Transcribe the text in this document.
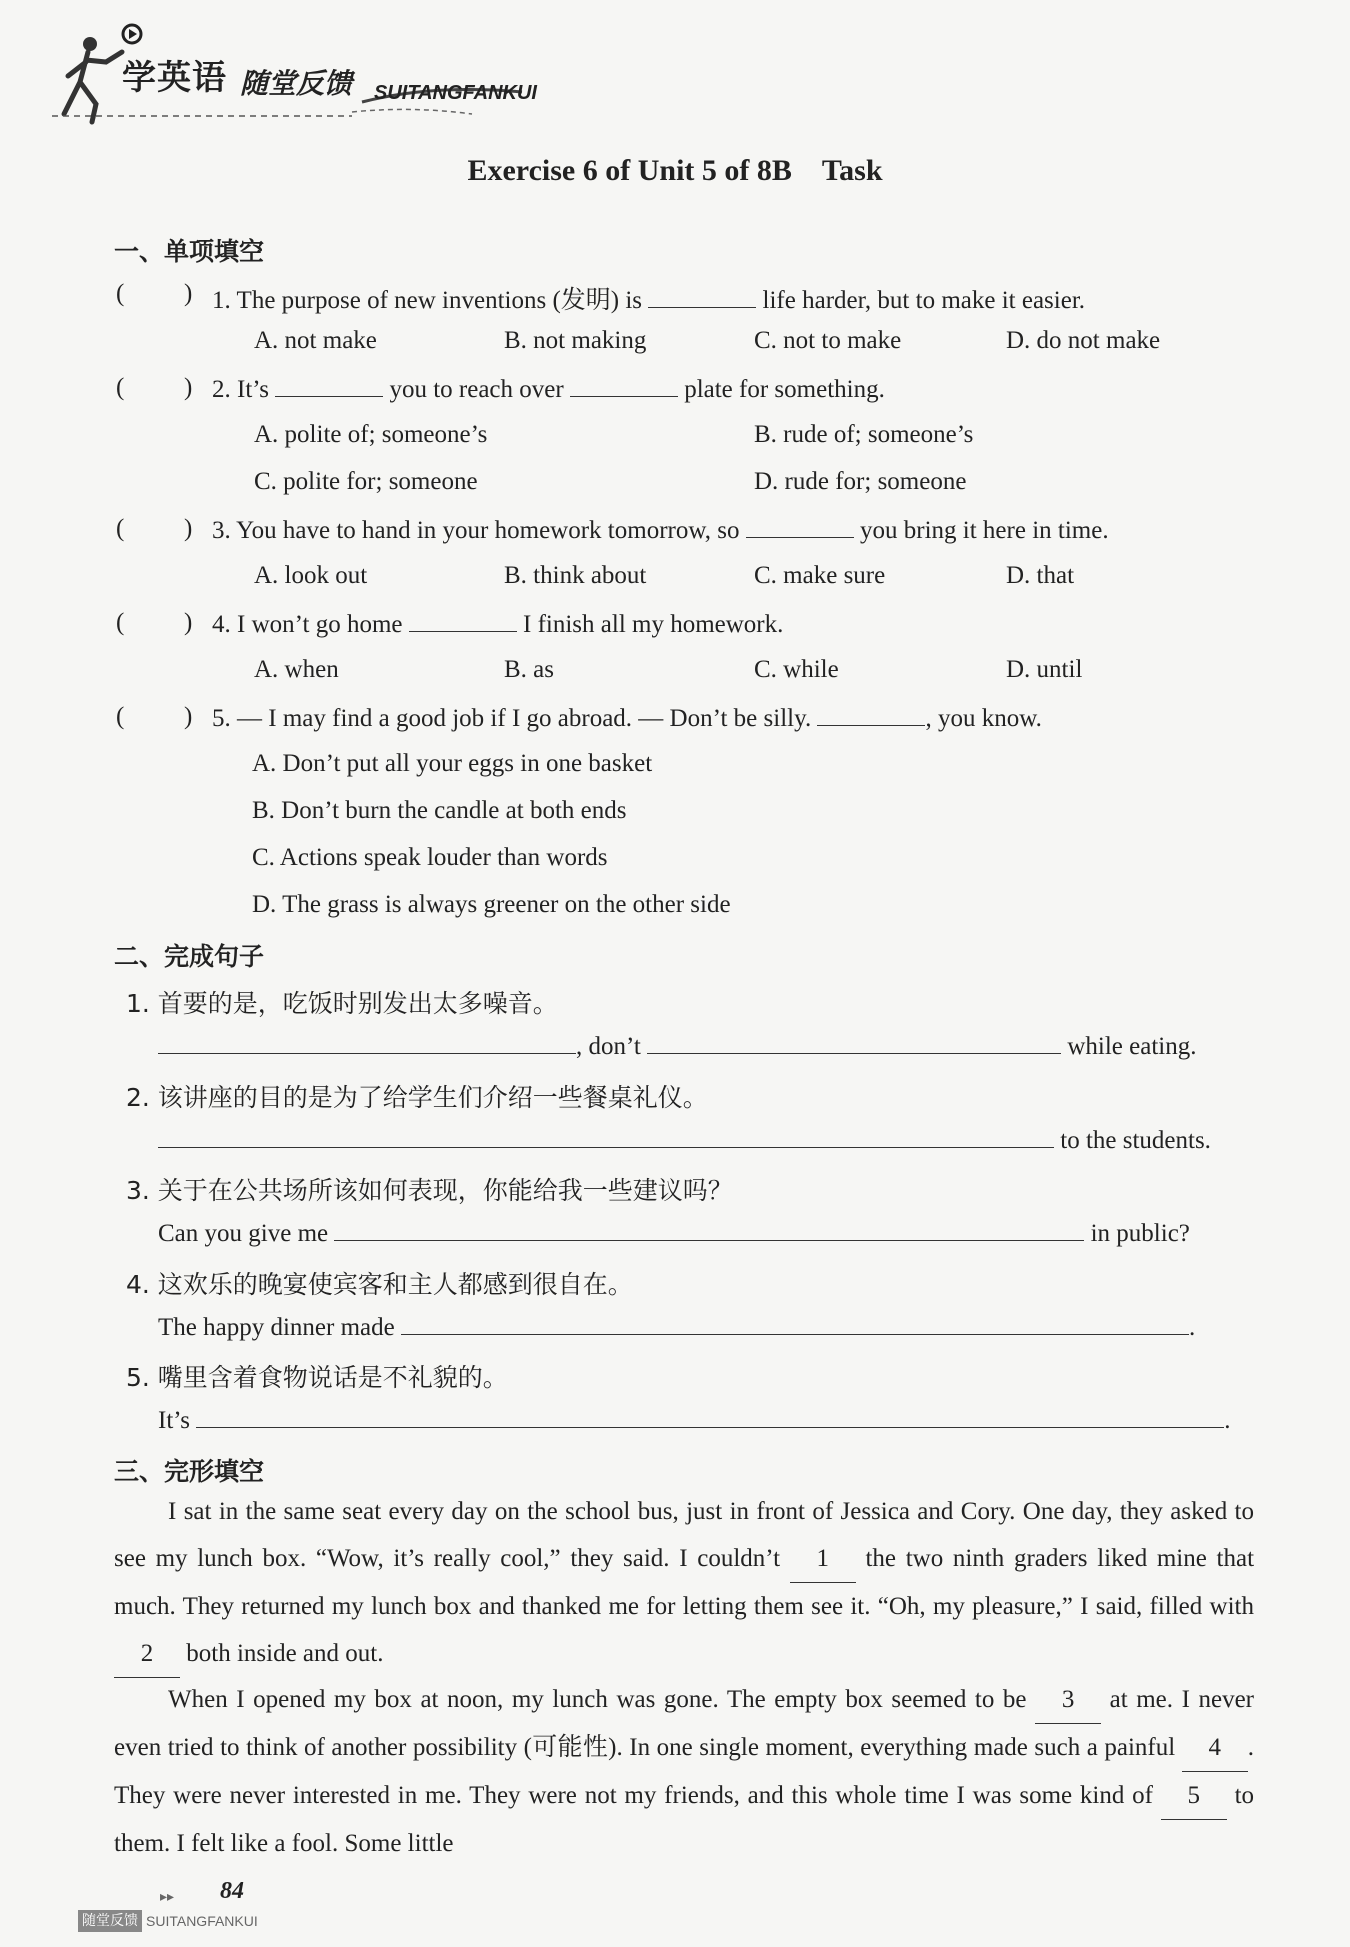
学英语 随堂反馈 SUITANGFANKUI
Exercise 6 of Unit 5 of 8B Task
一、单项填空
( ) 1. The purpose of new inventions (发明) is	life harder, but to make it easier.
A. not make	B. not making	C. not to make	D. do not make
( ) 2. It’s	you to reach over	plate for something.
A. polite of; someone’s	B. rude of; someone’s
C. polite for; someone	D. rude for; someone
( ) 3. You have to hand in your homework tomorrow, so	you bring it here in time.
A. look out	B. think about	C. make sure	D. that
( ) 4. I won’t go home	I finish all my homework.
A. when	B. as	C. while	D. until
( ) 5. — I may find a good job if I go abroad. — Don’t be silly.	, you know.
A. Don’t put all your eggs in one basket
B. Don’t burn the candle at both ends
C. Actions speak louder than words
D. The grass is always greener on the other side
二、完成句子
1. 首要的是，吃饭时别发出太多噪音。
, don’t	while eating.
2. 该讲座的目的是为了给学生们介绍一些餐桌礼仪。
to the students.
3. 关于在公共场所该如何表现，你能给我一些建议吗？
Can you give me	in public?
4. 这欢乐的晚宴使宾客和主人都感到很自在。
The happy dinner made	.
5. 嘴里含着食物说话是不礼貌的。
It’s	.
三、完形填空
I sat in the same seat every day on the school bus, just in front of Jessica and Cory. One day, they asked to see my lunch box. “Wow, it’s really cool,” they said. I couldn’t 1 the two ninth graders liked mine that much. They returned my lunch box and thanked me for letting them see it. “Oh, my pleasure,” I said, filled with 2 both inside and out.
When I opened my box at noon, my lunch was gone. The empty box seemed to be 3 at me. I never even tried to think of another possibility (可能性). In one single moment, everything made such a painful 4 . They were never interested in me. They were not my friends, and this whole time I was some kind of 5 to them. I felt like a fool. Some little
▸▸ 84
随堂反馈 SUITANGFANKUI
